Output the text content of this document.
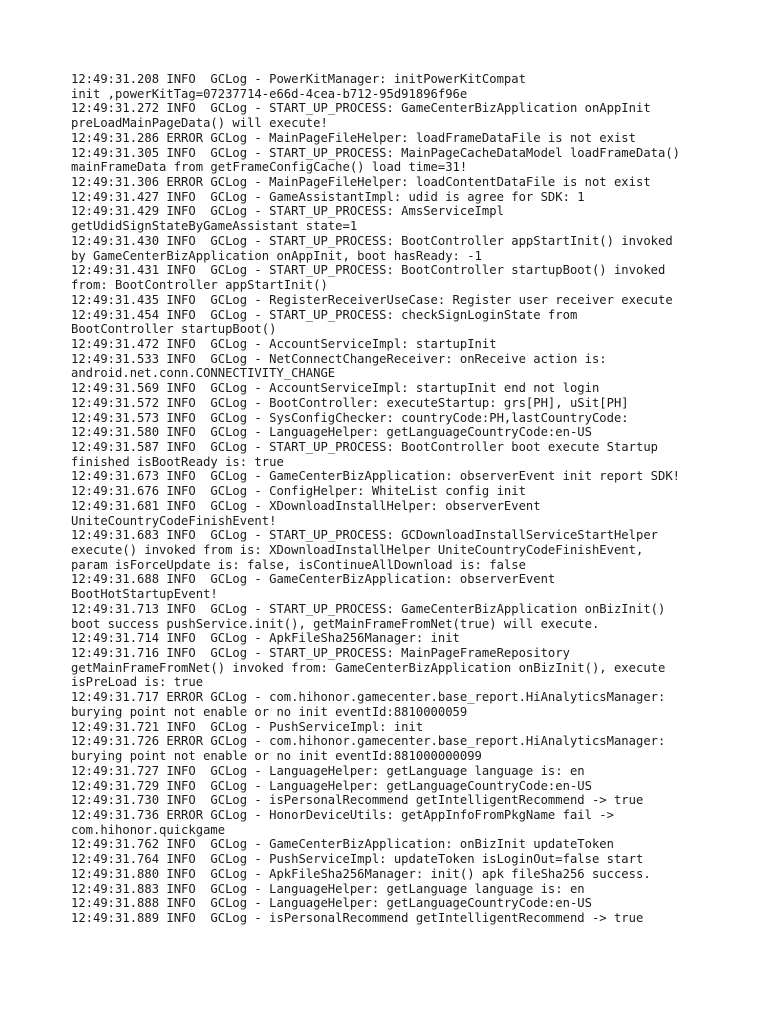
12:49:31.208 INFO  GCLog - PowerKitManager: initPowerKitCompat
init ,powerKitTag=07237714-e66d-4cea-b712-95d91896f96e
12:49:31.272 INFO  GCLog - START_UP_PROCESS: GameCenterBizApplication onAppInit
preLoadMainPageData() will execute!
12:49:31.286 ERROR GCLog - MainPageFileHelper: loadFrameDataFile is not exist
12:49:31.305 INFO  GCLog - START_UP_PROCESS: MainPageCacheDataModel loadFrameData()
mainFrameData from getFrameConfigCache() load time=31!
12:49:31.306 ERROR GCLog - MainPageFileHelper: loadContentDataFile is not exist
12:49:31.427 INFO  GCLog - GameAssistantImpl: udid is agree for SDK: 1
12:49:31.429 INFO  GCLog - START_UP_PROCESS: AmsServiceImpl
getUdidSignStateByGameAssistant state=1
12:49:31.430 INFO  GCLog - START_UP_PROCESS: BootController appStartInit() invoked
by GameCenterBizApplication onAppInit, boot hasReady: -1
12:49:31.431 INFO  GCLog - START_UP_PROCESS: BootController startupBoot() invoked
from: BootController appStartInit()
12:49:31.435 INFO  GCLog - RegisterReceiverUseCase: Register user receiver execute
12:49:31.454 INFO  GCLog - START_UP_PROCESS: checkSignLoginState from
BootController startupBoot()
12:49:31.472 INFO  GCLog - AccountServiceImpl: startupInit
12:49:31.533 INFO  GCLog - NetConnectChangeReceiver: onReceive action is:
android.net.conn.CONNECTIVITY_CHANGE
12:49:31.569 INFO  GCLog - AccountServiceImpl: startupInit end not login
12:49:31.572 INFO  GCLog - BootController: executeStartup: grs[PH], uSit[PH]
12:49:31.573 INFO  GCLog - SysConfigChecker: countryCode:PH,lastCountryCode:
12:49:31.580 INFO  GCLog - LanguageHelper: getLanguageCountryCode:en-US
12:49:31.587 INFO  GCLog - START_UP_PROCESS: BootController boot execute Startup
finished isBootReady is: true
12:49:31.673 INFO  GCLog - GameCenterBizApplication: observerEvent init report SDK!
12:49:31.676 INFO  GCLog - ConfigHelper: WhiteList config init
12:49:31.681 INFO  GCLog - XDownloadInstallHelper: observerEvent
UniteCountryCodeFinishEvent!
12:49:31.683 INFO  GCLog - START_UP_PROCESS: GCDownloadInstallServiceStartHelper
execute() invoked from is: XDownloadInstallHelper UniteCountryCodeFinishEvent,
param isForceUpdate is: false, isContinueAllDownload is: false
12:49:31.688 INFO  GCLog - GameCenterBizApplication: observerEvent
BootHotStartupEvent!
12:49:31.713 INFO  GCLog - START_UP_PROCESS: GameCenterBizApplication onBizInit()
boot success pushService.init(), getMainFrameFromNet(true) will execute.
12:49:31.714 INFO  GCLog - ApkFileSha256Manager: init
12:49:31.716 INFO  GCLog - START_UP_PROCESS: MainPageFrameRepository
getMainFrameFromNet() invoked from: GameCenterBizApplication onBizInit(), execute
isPreLoad is: true
12:49:31.717 ERROR GCLog - com.hihonor.gamecenter.base_report.HiAnalyticsManager:
burying point not enable or no init eventId:8810000059
12:49:31.721 INFO  GCLog - PushServiceImpl: init
12:49:31.726 ERROR GCLog - com.hihonor.gamecenter.base_report.HiAnalyticsManager:
burying point not enable or no init eventId:881000000099
12:49:31.727 INFO  GCLog - LanguageHelper: getLanguage language is: en
12:49:31.729 INFO  GCLog - LanguageHelper: getLanguageCountryCode:en-US
12:49:31.730 INFO  GCLog - isPersonalRecommend getIntelligentRecommend -> true
12:49:31.736 ERROR GCLog - HonorDeviceUtils: getAppInfoFromPkgName fail ->
com.hihonor.quickgame
12:49:31.762 INFO  GCLog - GameCenterBizApplication: onBizInit updateToken
12:49:31.764 INFO  GCLog - PushServiceImpl: updateToken isLoginOut=false start
12:49:31.880 INFO  GCLog - ApkFileSha256Manager: init() apk fileSha256 success.
12:49:31.883 INFO  GCLog - LanguageHelper: getLanguage language is: en
12:49:31.888 INFO  GCLog - LanguageHelper: getLanguageCountryCode:en-US
12:49:31.889 INFO  GCLog - isPersonalRecommend getIntelligentRecommend -> true
